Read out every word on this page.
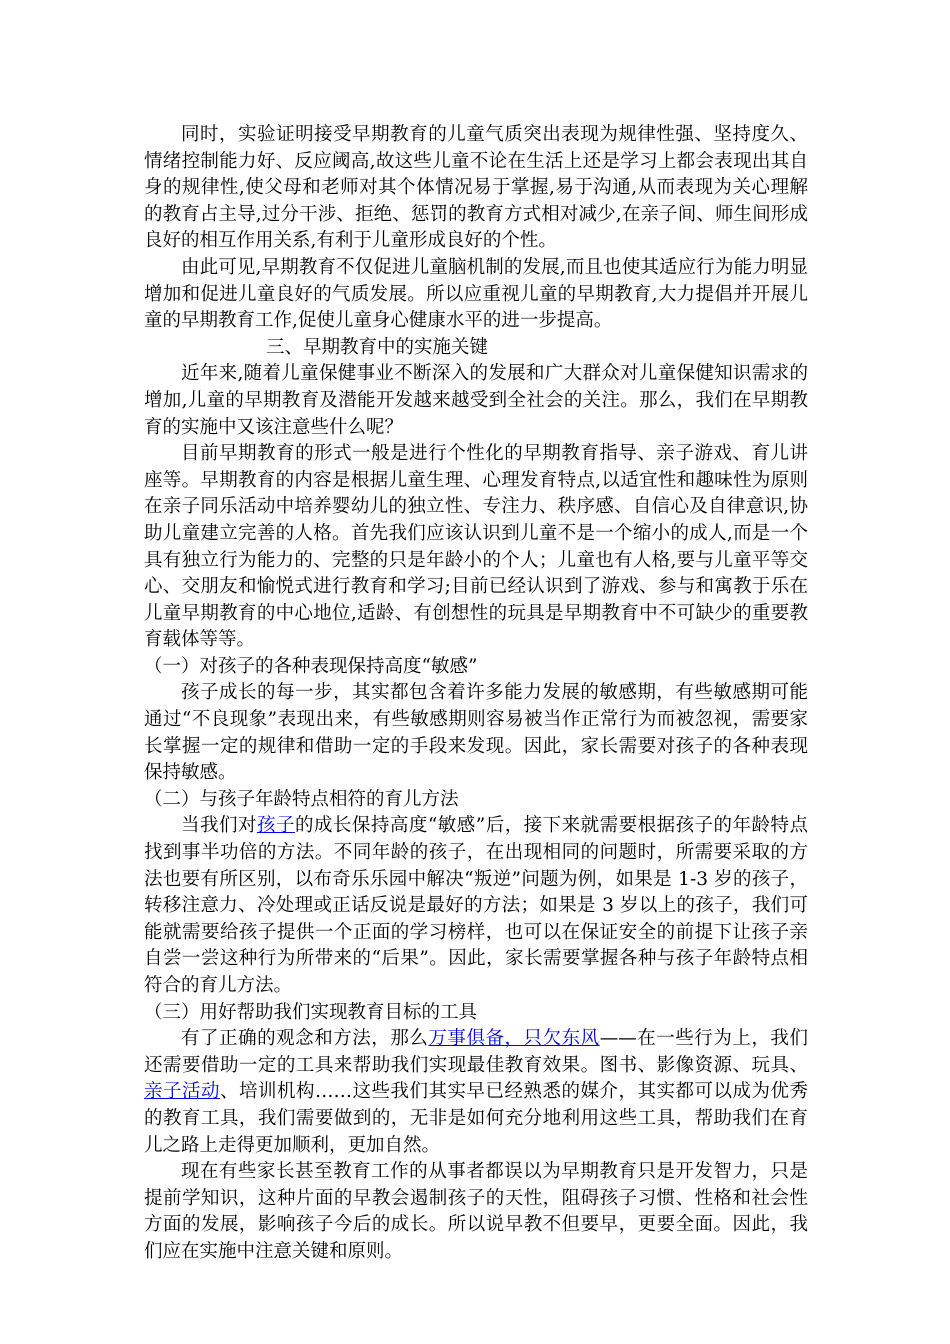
同时，实验证明接受早期教育的儿童气质突出表现为规律性强、坚持度久、情绪控制能力好、反应阈高,故这些儿童不论在生活上还是学习上都会表现出其自身的规律性,使父母和老师对其个体情况易于掌握,易于沟通,从而表现为关心理解的教育占主导,过分干涉、拒绝、惩罚的教育方式相对减少,在亲子间、师生间形成良好的相互作用关系,有利于儿童形成良好的个性。

由此可见,早期教育不仅促进儿童脑机制的发展,而且也使其适应行为能力明显增加和促进儿童良好的气质发展。所以应重视儿童的早期教育,大力提倡并开展儿童的早期教育工作,促使儿童身心健康水平的进一步提高。

三、早期教育中的实施关键

近年来,随着儿童保健事业不断深入的发展和广大群众对儿童保健知识需求的增加,儿童的早期教育及潜能开发越来越受到全社会的关注。那么，我们在早期教育的实施中又该注意些什么呢？

目前早期教育的形式一般是进行个性化的早期教育指导、亲子游戏、育儿讲座等。早期教育的内容是根据儿童生理、心理发育特点,以适宜性和趣味性为原则在亲子同乐活动中培养婴幼儿的独立性、专注力、秩序感、自信心及自律意识,协助儿童建立完善的人格。首先我们应该认识到儿童不是一个缩小的成人,而是一个具有独立行为能力的、完整的只是年龄小的个人；儿童也有人格,要与儿童平等交心、交朋友和愉悦式进行教育和学习;目前已经认识到了游戏、参与和寓教于乐在儿童早期教育的中心地位,适龄、有创想性的玩具是早期教育中不可缺少的重要教育载体等等。

（一）对孩子的各种表现保持高度“敏感”

孩子成长的每一步，其实都包含着许多能力发展的敏感期，有些敏感期可能通过“不良现象”表现出来，有些敏感期则容易被当作正常行为而被忽视，需要家长掌握一定的规律和借助一定的手段来发现。因此，家长需要对孩子的各种表现保持敏感。

（二）与孩子年龄特点相符的育儿方法

当我们对孩子的成长保持高度“敏感”后，接下来就需要根据孩子的年龄特点找到事半功倍的方法。不同年龄的孩子，在出现相同的问题时，所需要采取的方法也要有所区别，以布奇乐乐园中解决“叛逆”问题为例，如果是 1-3 岁的孩子，转移注意力、冷处理或正话反说是最好的方法；如果是 3 岁以上的孩子，我们可能就需要给孩子提供一个正面的学习榜样，也可以在保证安全的前提下让孩子亲自尝一尝这种行为所带来的“后果”。因此，家长需要掌握各种与孩子年龄特点相符合的育儿方法。

（三）用好帮助我们实现教育目标的工具

有了正确的观念和方法，那么万事俱备，只欠东风——在一些行为上，我们还需要借助一定的工具来帮助我们实现最佳教育效果。图书、影像资源、玩具、亲子活动、培训机构……这些我们其实早已经熟悉的媒介，其实都可以成为优秀的教育工具，我们需要做到的，无非是如何充分地利用这些工具，帮助我们在育儿之路上走得更加顺利，更加自然。

现在有些家长甚至教育工作的从事者都误以为早期教育只是开发智力，只是提前学知识，这种片面的早教会遏制孩子的天性，阻碍孩子习惯、性格和社会性方面的发展，影响孩子今后的成长。所以说早教不但要早，更要全面。因此，我们应在实施中注意关键和原则。
